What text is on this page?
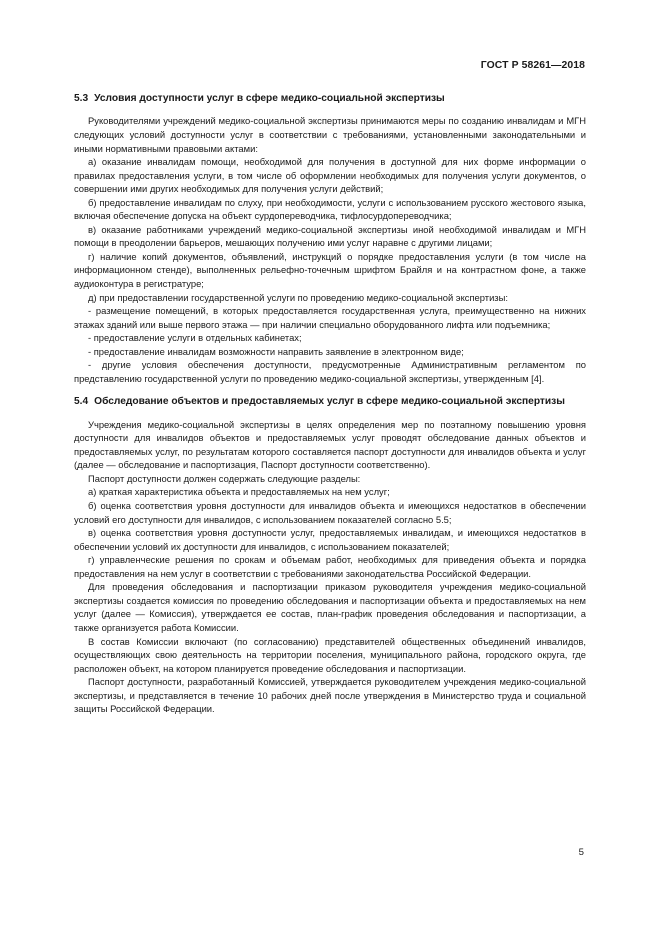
ГОСТ Р 58261—2018
5.3 Условия доступности услуг в сфере медико-социальной экспертизы

Руководителями учреждений медико-социальной экспертизы принимаются меры по созданию инвалидам и МГН следующих условий доступности услуг в соответствии с требованиями, установленными законодательными и иными нормативными правовыми актами:

а) оказание инвалидам помощи, необходимой для получения в доступной для них форме информации о правилах предоставления услуги, в том числе об оформлении необходимых для получения услуги документов, о совершении ими других необходимых для получения услуги действий;

б) предоставление инвалидам по слуху, при необходимости, услуги с использованием русского жестового языка, включая обеспечение допуска на объект сурдопереводчика, тифлосурдопереводчика;

в) оказание работниками учреждений медико-социальной экспертизы иной необходимой инвалидам и МГН помощи в преодолении барьеров, мешающих получению ими услуг наравне с другими лицами;

г) наличие копий документов, объявлений, инструкций о порядке предоставления услуги (в том числе на информационном стенде), выполненных рельефно-точечным шрифтом Брайля и на контрастном фоне, а также аудиоконтура в регистратуре;

д) при предоставлении государственной услуги по проведению медико-социальной экспертизы:

- размещение помещений, в которых предоставляется государственная услуга, преимущественно на нижних этажах зданий или выше первого этажа — при наличии специально оборудованного лифта или подъемника;

- предоставление услуги в отдельных кабинетах;

- предоставление инвалидам возможности направить заявление в электронном виде;

- другие условия обеспечения доступности, предусмотренные Административным регламентом по представлению государственной услуги по проведению медико-социальной экспертизы, утвержденным [4].

5.4 Обследование объектов и предоставляемых услуг в сфере медико-социальной экспертизы

Учреждения медико-социальной экспертизы в целях определения мер по поэтапному повышению уровня доступности для инвалидов объектов и предоставляемых услуг проводят обследование данных объектов и предоставляемых услуг, по результатам которого составляется паспорт доступности для инвалидов объекта и услуг (далее — обследование и паспортизация, Паспорт доступности соответственно).

Паспорт доступности должен содержать следующие разделы:

а) краткая характеристика объекта и предоставляемых на нем услуг;

б) оценка соответствия уровня доступности для инвалидов объекта и имеющихся недостатков в обеспечении условий его доступности для инвалидов, с использованием показателей согласно 5.5;

в) оценка соответствия уровня доступности услуг, предоставляемых инвалидам, и имеющихся недостатков в обеспечении условий их доступности для инвалидов, с использованием показателей;

г) управленческие решения по срокам и объемам работ, необходимых для приведения объекта и порядка предоставления на нем услуг в соответствии с требованиями законодательства Российской Федерации.

Для проведения обследования и паспортизации приказом руководителя учреждения медико-социальной экспертизы создается комиссия по проведению обследования и паспортизации объекта и предоставляемых на нем услуг (далее — Комиссия), утверждается ее состав, план-график проведения обследования и паспортизации, а также организуется работа Комиссии.

В состав Комиссии включают (по согласованию) представителей общественных объединений инвалидов, осуществляющих свою деятельность на территории поселения, муниципального района, городского округа, где расположен объект, на котором планируется проведение обследования и паспортизации.

Паспорт доступности, разработанный Комиссией, утверждается руководителем учреждения медико-социальной экспертизы, и представляется в течение 10 рабочих дней после утверждения в Министерство труда и социальной защиты Российской Федерации.

5
